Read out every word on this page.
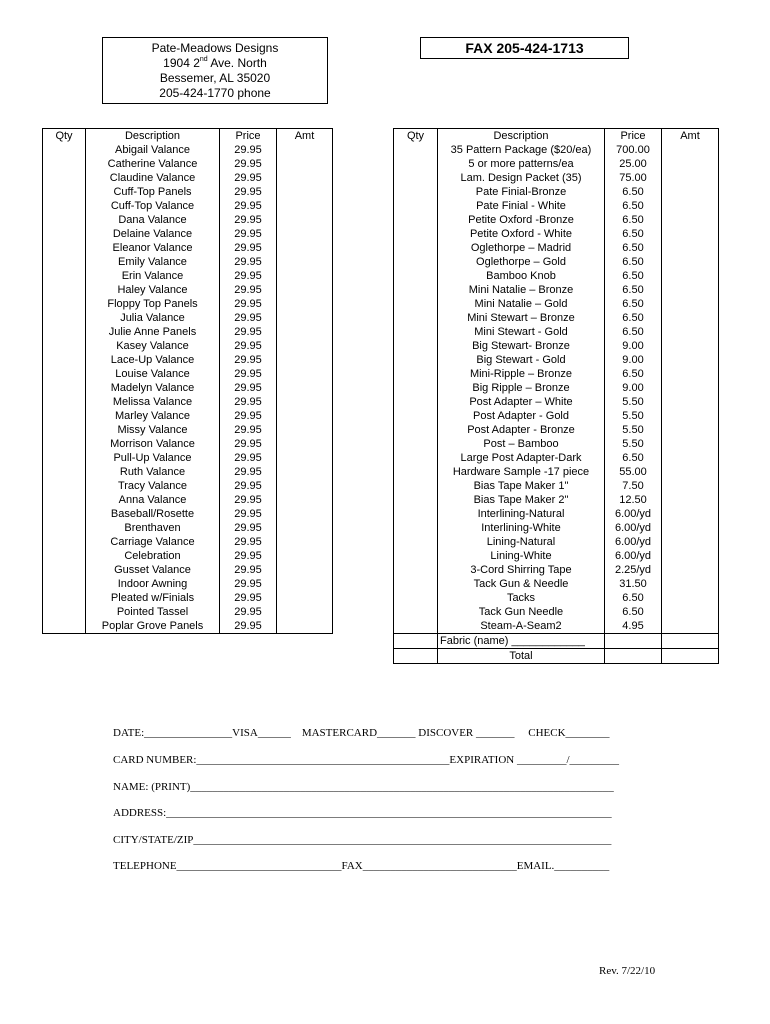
Pate-Meadows Designs
1904 2nd Ave. North
Bessemer, AL 35020
205-424-1770 phone
FAX 205-424-1713
Qty	Description	Price	Amt
	Abigail Valance	29.95	
	Catherine Valance	29.95	
	Claudine Valance	29.95	
	Cuff-Top Panels	29.95	
	Cuff-Top Valance	29.95	
	Dana Valance	29.95	
	Delaine Valance	29.95	
	Eleanor Valance	29.95	
	Emily Valance	29.95	
	Erin Valance	29.95	
	Haley Valance	29.95	
	Floppy Top Panels	29.95	
	Julia Valance	29.95	
	Julie Anne Panels	29.95	
	Kasey Valance	29.95	
	Lace-Up Valance	29.95	
	Louise Valance	29.95	
	Madelyn Valance	29.95	
	Melissa Valance	29.95	
	Marley Valance	29.95	
	Missy Valance	29.95	
	Morrison Valance	29.95	
	Pull-Up Valance	29.95	
	Ruth Valance	29.95	
	Tracy Valance	29.95	
	Anna Valance	29.95	
	Baseball/Rosette	29.95	
	Brenthaven	29.95	
	Carriage Valance	29.95	
	Celebration	29.95	
	Gusset Valance	29.95	
	Indoor Awning	29.95	
	Pleated w/Finials	29.95	
	Pointed Tassel	29.95	
	Poplar Grove Panels	29.95	
Qty	Description	Price	Amt
	35 Pattern Package ($20/ea)	700.00	
	5 or more patterns/ea	25.00	
	Lam. Design Packet (35)	75.00	
	Pate Finial-Bronze	6.50	
	Pate Finial - White	6.50	
	Petite Oxford -Bronze	6.50	
	Petite Oxford - White	6.50	
	Oglethorpe – Madrid	6.50	
	Oglethorpe – Gold	6.50	
	Bamboo Knob	6.50	
	Mini Natalie – Bronze	6.50	
	Mini Natalie – Gold	6.50	
	Mini Stewart – Bronze	6.50	
	Mini Stewart - Gold	6.50	
	Big Stewart- Bronze	9.00	
	Big Stewart - Gold	9.00	
	Mini-Ripple – Bronze	6.50	
	Big Ripple – Bronze	9.00	
	Post Adapter – White	5.50	
	Post Adapter - Gold	5.50	
	Post Adapter - Bronze	5.50	
	Post – Bamboo	5.50	
	Large Post Adapter-Dark	6.50	
	Hardware Sample -17 piece	55.00	
	Bias Tape Maker 1"	7.50	
	Bias Tape Maker 2"	12.50	
	Interlining-Natural	6.00/yd	
	Interlining-White	6.00/yd	
	Lining-Natural	6.00/yd	
	Lining-White	6.00/yd	
	3-Cord Shirring Tape	2.25/yd	
	Tack Gun & Needle	31.50	
	Tacks	6.50	
	Tack Gun Needle	6.50	
	Steam-A-Seam2	4.95	
	Fabric (name) ____________		
	Total		
DATE:________________VISA______    MASTERCARD_______ DISCOVER _______     CHECK________
CARD NUMBER:______________________________________________EXPIRATION _________/_________
NAME: (PRINT)_____________________________________________________________________________
ADDRESS:_________________________________________________________________________________
CITY/STATE/ZIP____________________________________________________________________________
TELEPHONE______________________________FAX____________________________EMAIL.__________
Rev. 7/22/10
